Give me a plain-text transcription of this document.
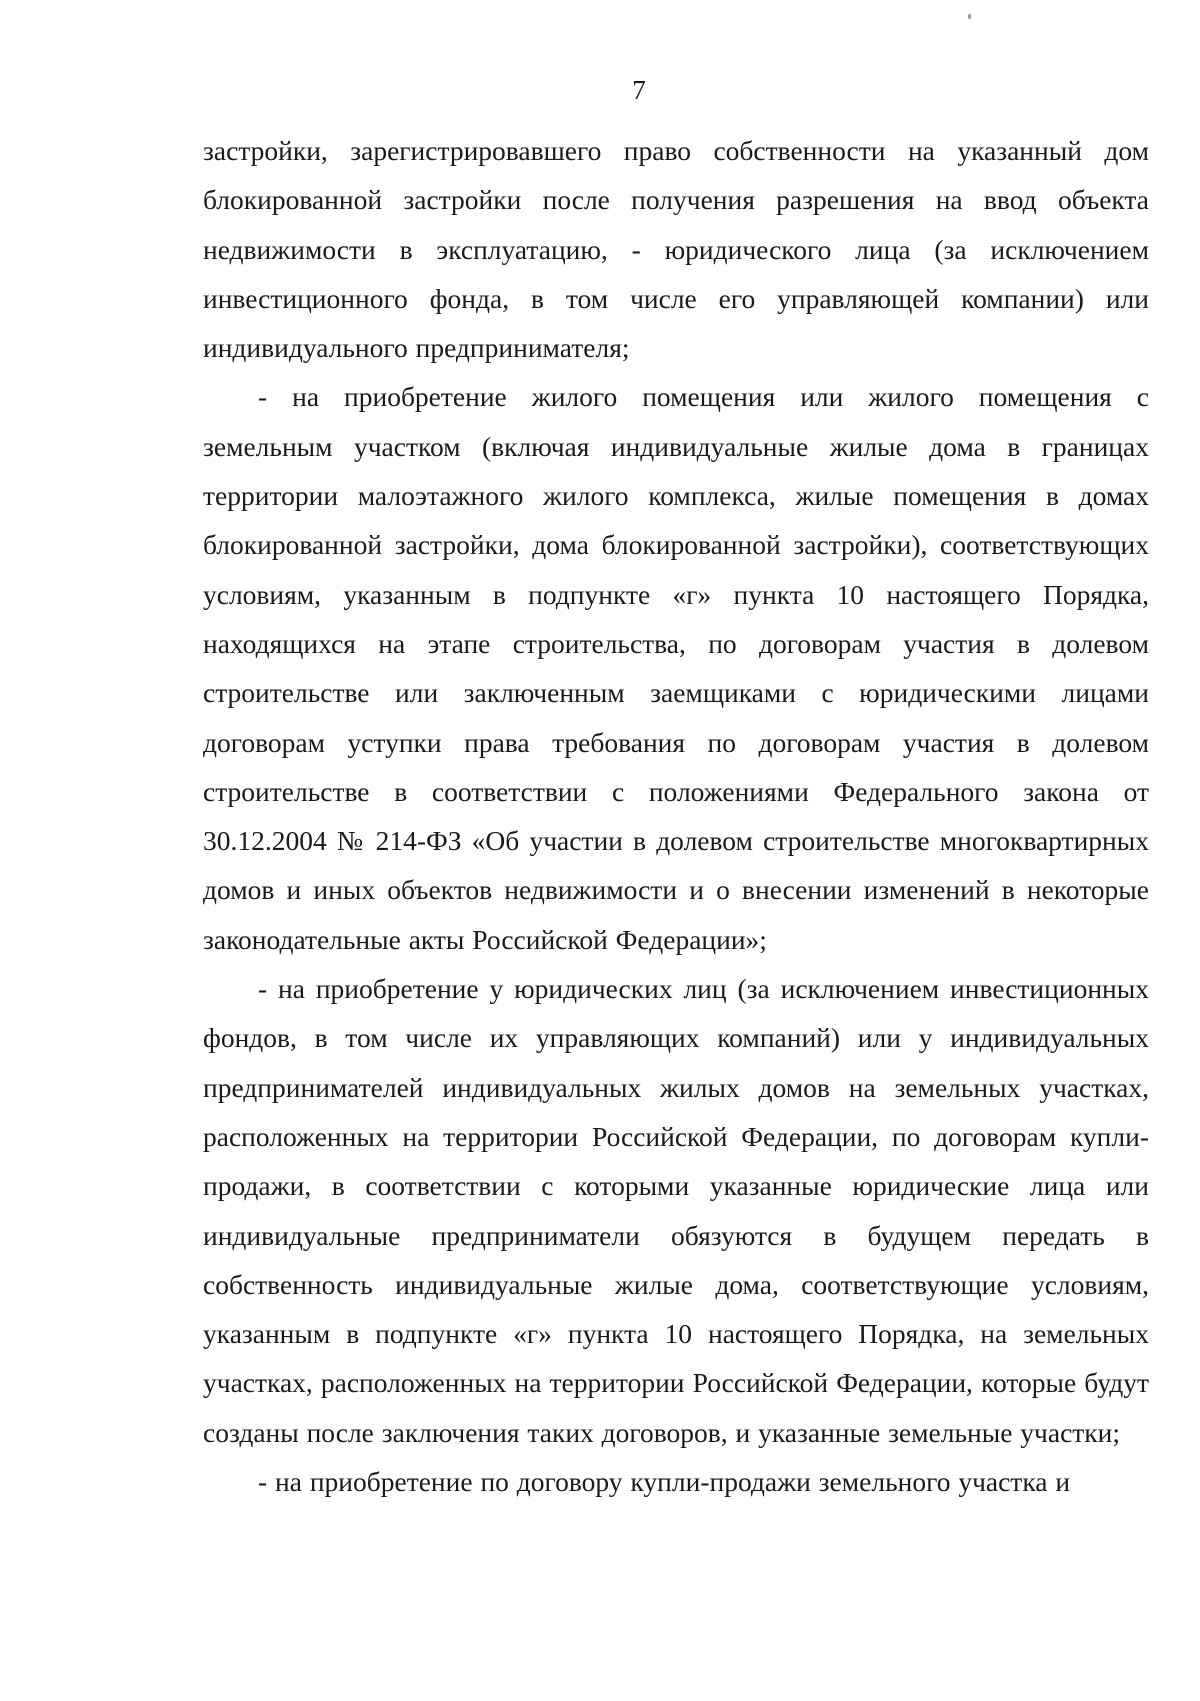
7

застройки, зарегистрировавшего право собственности на указанный дом блокированной застройки после получения разрешения на ввод объекта недвижимости в эксплуатацию, - юридического лица (за исключением инвестиционного фонда, в том числе его управляющей компании) или индивидуального предпринимателя;

- на приобретение жилого помещения или жилого помещения с земельным участком (включая индивидуальные жилые дома в границах территории малоэтажного жилого комплекса, жилые помещения в домах блокированной застройки, дома блокированной застройки), соответствующих условиям, указанным в подпункте «г» пункта 10 настоящего Порядка, находящихся на этапе строительства, по договорам участия в долевом строительстве или заключенным заемщиками с юридическими лицами договорам уступки права требования по договорам участия в долевом строительстве в соответствии с положениями Федерального закона от 30.12.2004 № 214-ФЗ «Об участии в долевом строительстве многоквартирных домов и иных объектов недвижимости и о внесении изменений в некоторые законодательные акты Российской Федерации»;

- на приобретение у юридических лиц (за исключением инвестиционных фондов, в том числе их управляющих компаний) или у индивидуальных предпринимателей индивидуальных жилых домов на земельных участках, расположенных на территории Российской Федерации, по договорам купли-продажи, в соответствии с которыми указанные юридические лица или индивидуальные предприниматели обязуются в будущем передать в собственность индивидуальные жилые дома, соответствующие условиям, указанным в подпункте «г» пункта 10 настоящего Порядка, на земельных участках, расположенных на территории Российской Федерации, которые будут созданы после заключения таких договоров, и указанные земельные участки;

- на приобретение по договору купли-продажи земельного участка и
